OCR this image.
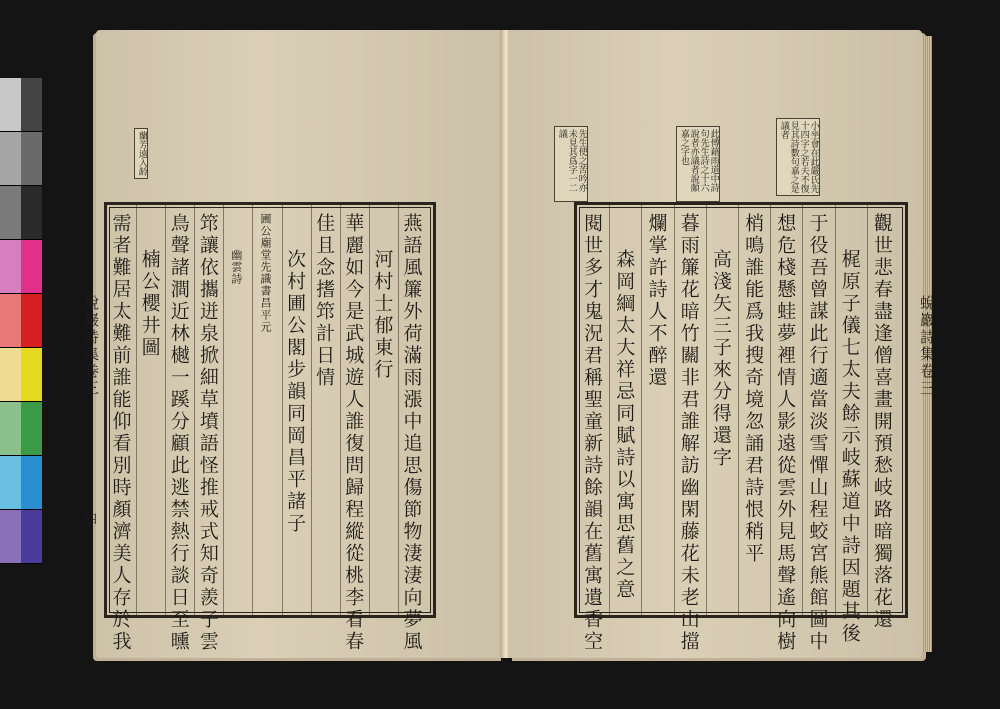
蘭芳遠入龄
蛻巖詩集卷三
四	燕語風簾外荷滿雨漲中追思傷節物淒淒向夢風
河村士郁東行
華麗如今是武城遊人誰復問歸程縱從桃李看春
佳且念搘筇計日情
次村圃公閣步韻同岡昌平諸子
圃公廟堂先識書昌平元
幽雲詩
筇讓依攜迸泉掀細草墳語怪推戒式知奇羨子雲
鳥聲諸澗近林樾一蹊分顧此逃禁熱行談日至曛
楠公櫻井圖
需者難居太難前誰能仰看別時顏濟美人存於我
先生使之苦吟亦未見其爲字一二議	此傅藉雨道中詩句先生詩之十六說者亦議者說頗嘉之字也	小坐會在此嚴氏先十四字之若夫不復見其詩數句嘉之是議者
蛻巖詩集卷三
觀世悲春盡逢僧喜畫開預愁岐路暗獨落花還
梶原子儀七太夫餘示岐蘇道中詩因題其後
于役吾曾謀此行適當淡雪憚山程蛟宮熊館圖中
想危棧懸蛙夢裡情人影遠從雲外見馬聲遙向樹
梢鳴誰能爲我搜奇境忽誦君詩恨稍平
高淺矢三子來分得還字
暮雨簾花暗竹關非君誰解訪幽閑藤花未老山擋
爛掌許詩人不醉還
森岡綱太大祥忌同賦詩以寓思舊之意
閱世多才鬼況君稱聖童新詩餘韻在舊寓遺香空
